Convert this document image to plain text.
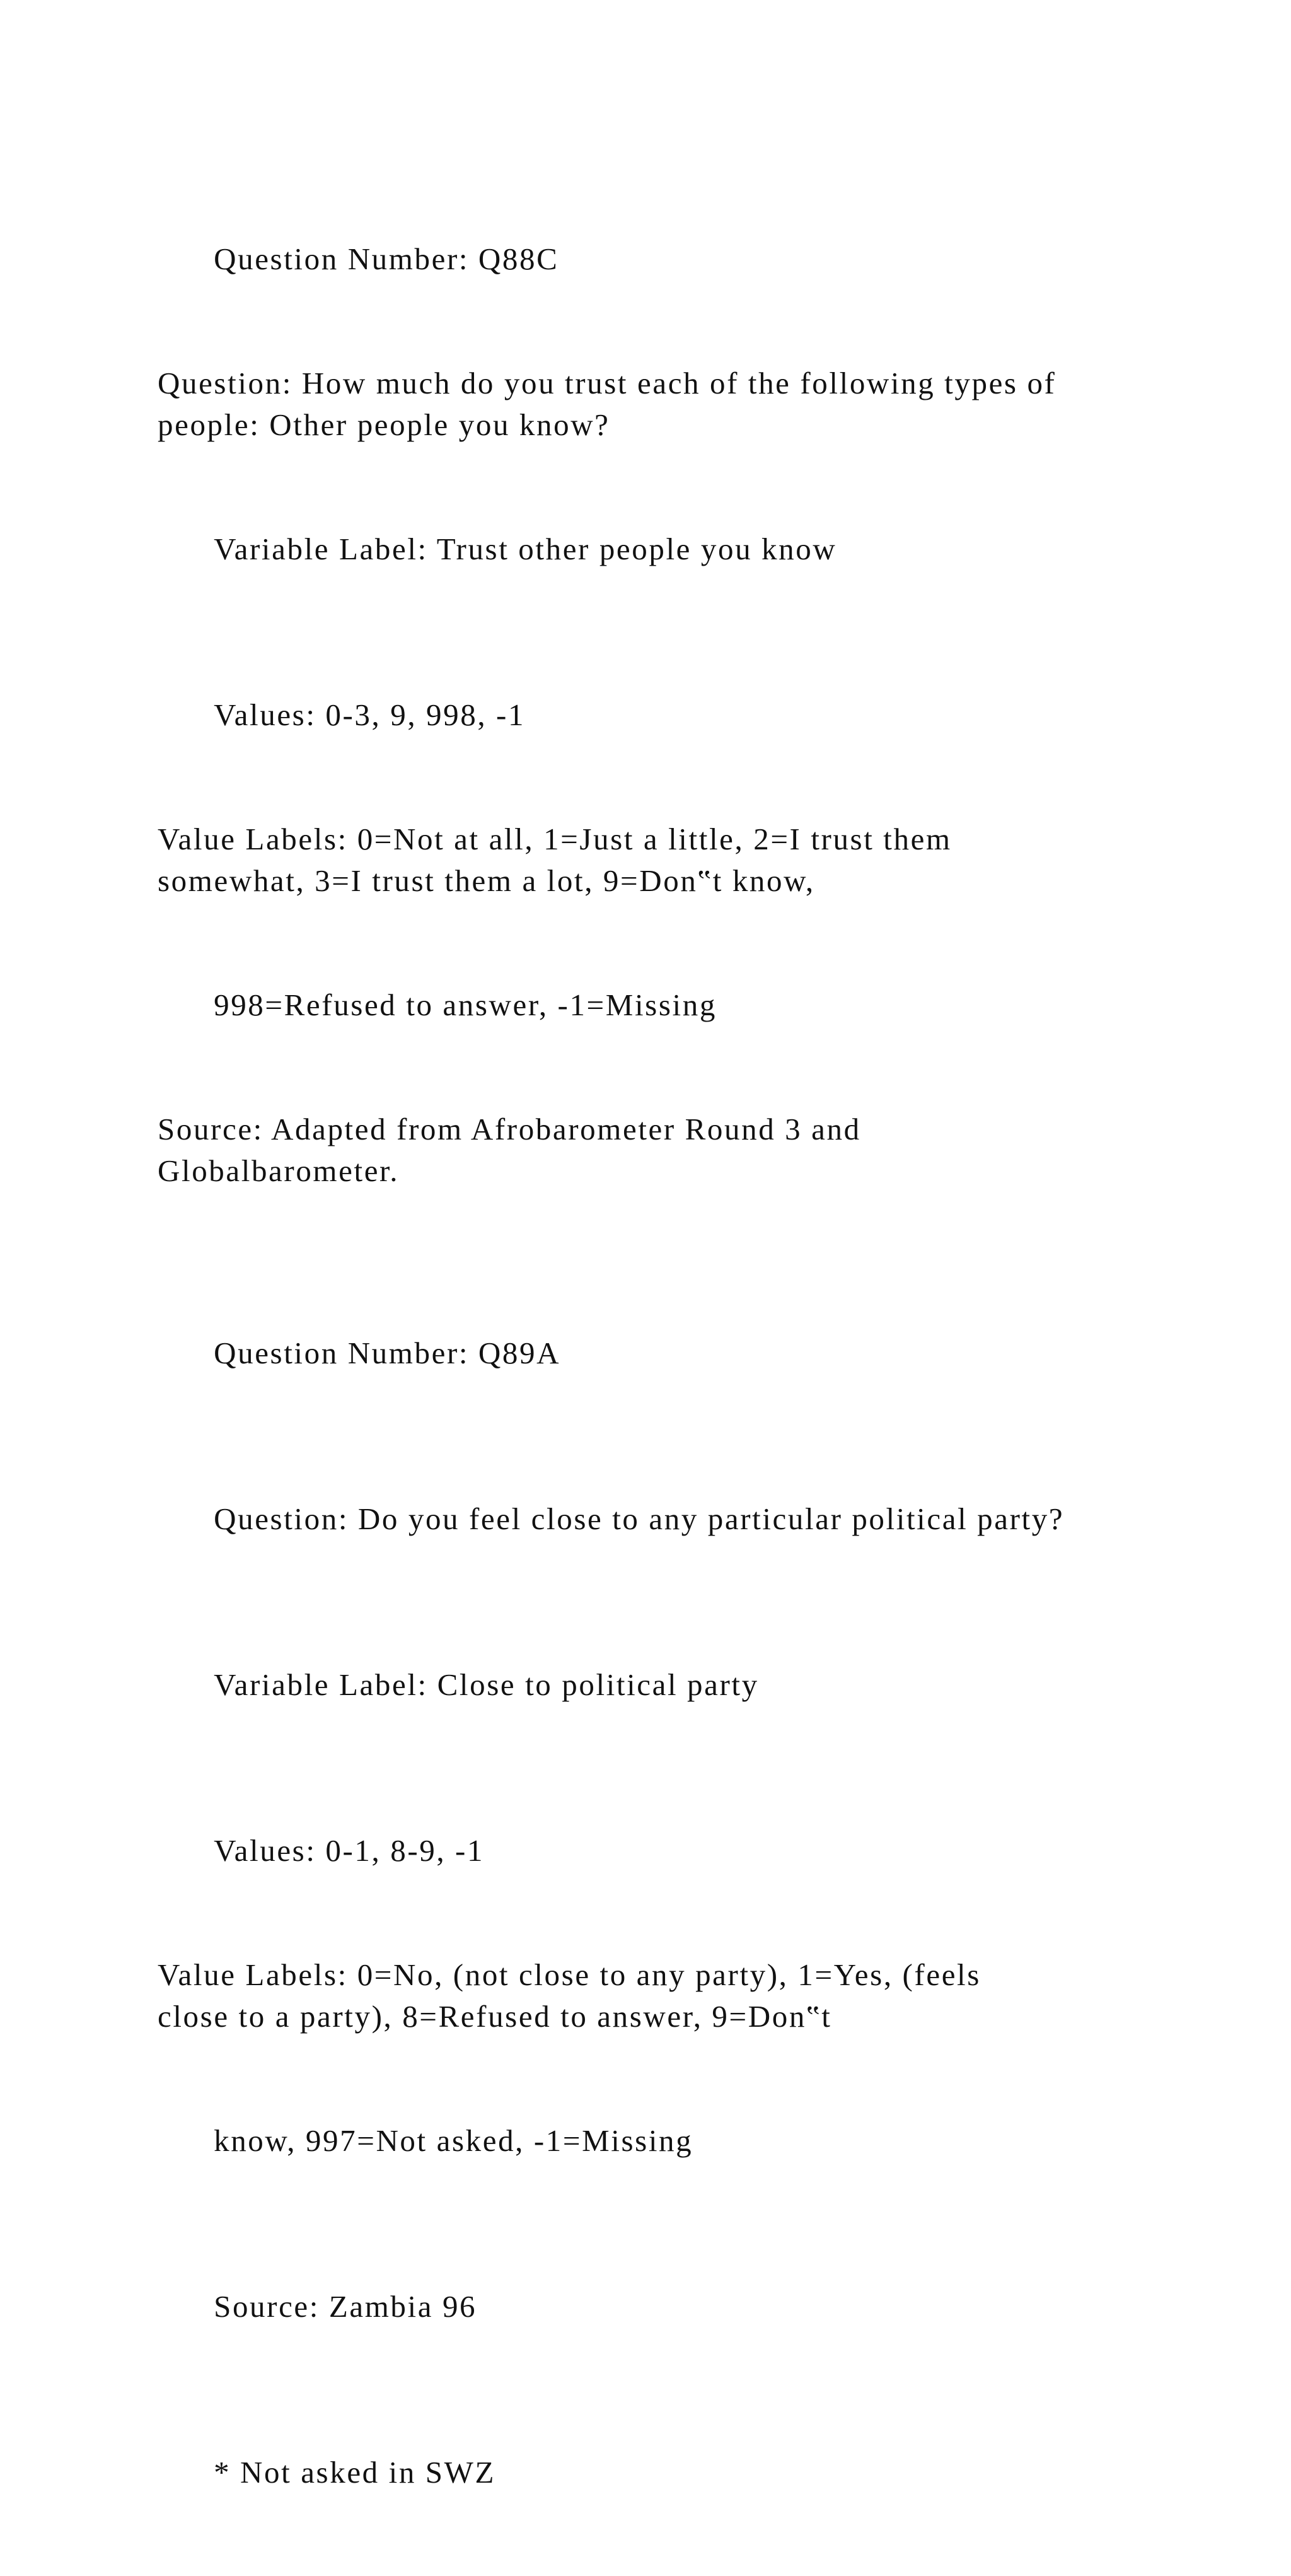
Question Number: Q88C

Question: How much do you trust each of the following types of
people: Other people you know?

Variable Label: Trust other people you know

Values: 0-3, 9, 998, -1

Value Labels: 0=Not at all, 1=Just a little, 2=I trust them
somewhat, 3=I trust them a lot, 9=Don‟t know,

998=Refused to answer, -1=Missing

Source: Adapted from Afrobarometer Round 3 and
Globalbarometer.

Question Number: Q89A

Question: Do you feel close to any particular political party?

Variable Label: Close to political party

Values: 0-1, 8-9, -1

Value Labels: 0=No, (not close to any party), 1=Yes, (feels
close to a party), 8=Refused to answer, 9=Don‟t

know, 997=Not asked, -1=Missing

Source: Zambia 96

* Not asked in SWZ
